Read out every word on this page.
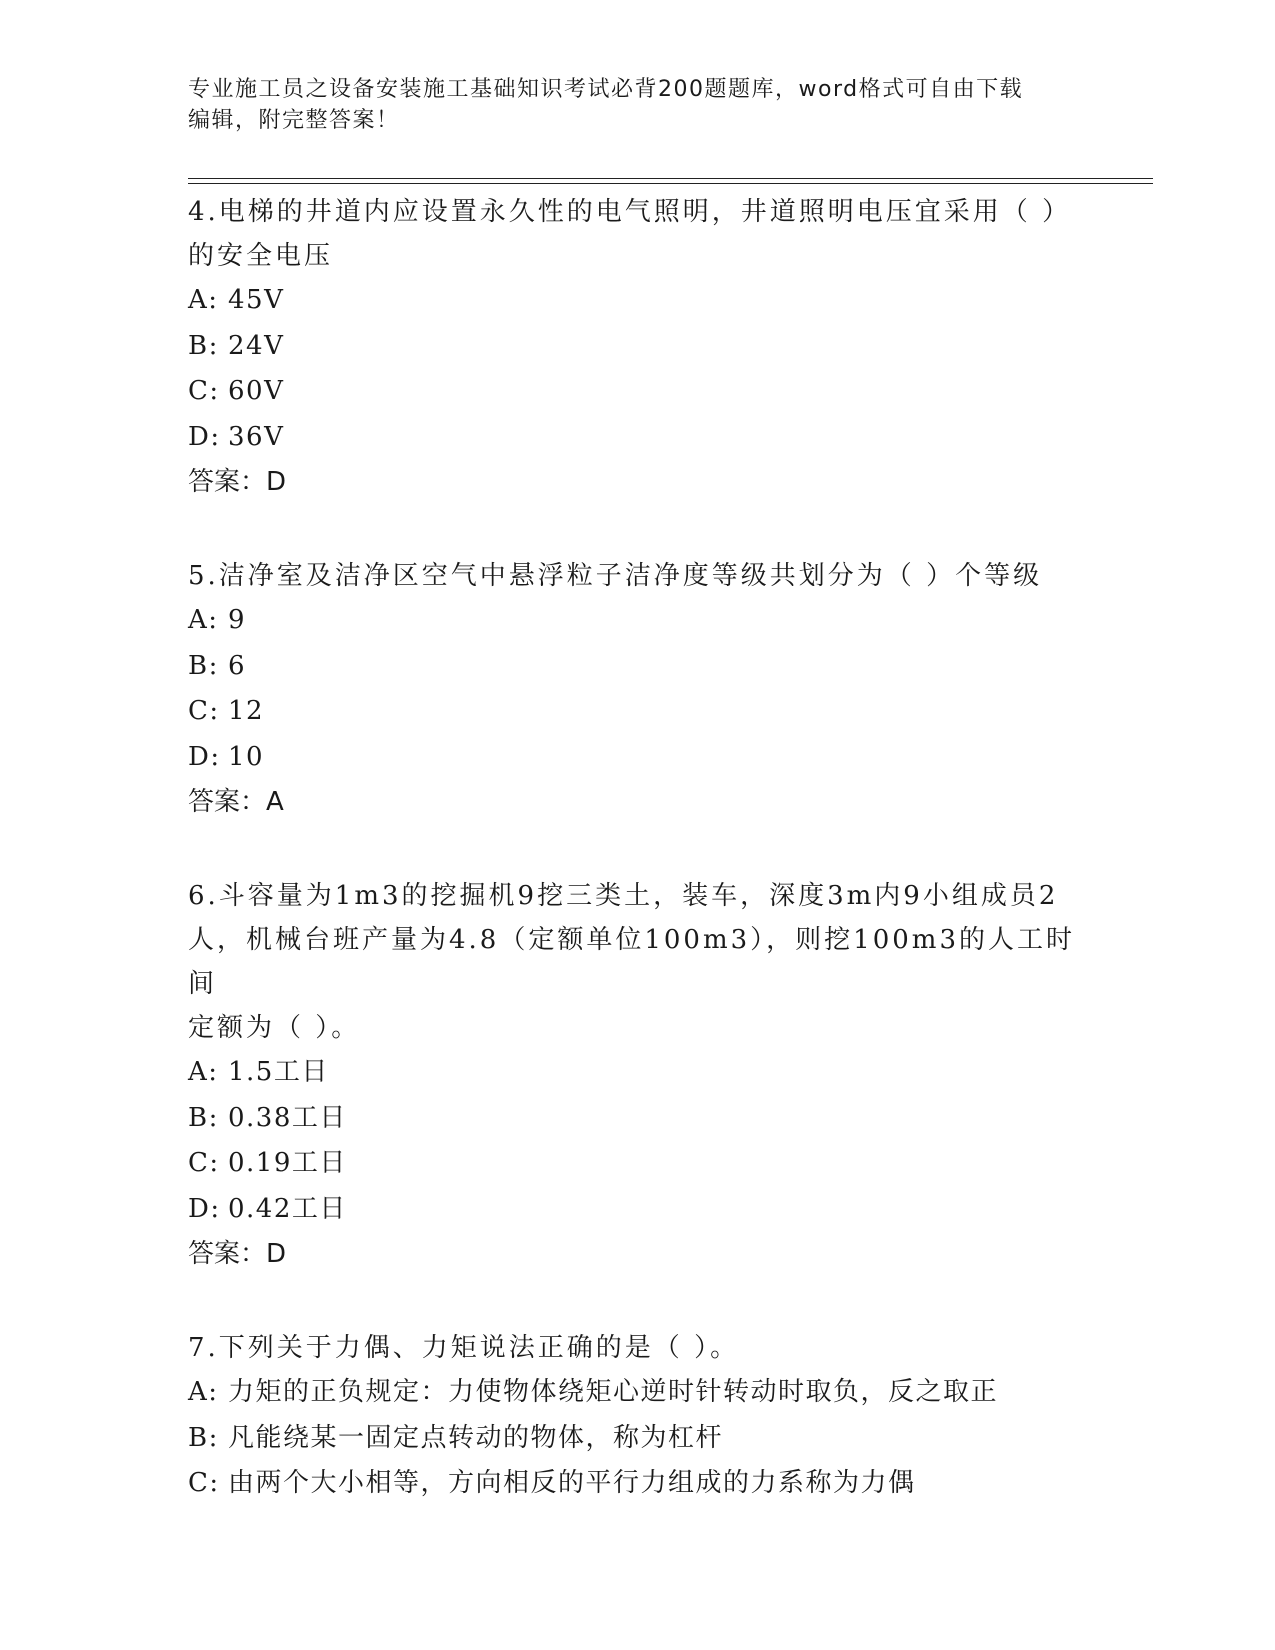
专业施工员之设备安装施工基础知识考试必背200题题库，word格式可自由下载
编辑，附完整答案！

4.电梯的井道内应设置永久性的电气照明，井道照明电压宜采用（ ）

的安全电压

A: 45V

B: 24V

C: 60V

D: 36V

答案：D

5.洁净室及洁净区空气中悬浮粒子洁净度等级共划分为（ ）个等级

A: 9

B: 6

C: 12

D: 10

答案：A

6.斗容量为1m3的挖掘机9挖三类土，装车，深度3m内9小组成员2

人，机械台班产量为4.8（定额单位100m3），则挖100m3的人工时间

定额为（ ）。

A: 1.5工日

B: 0.38工日

C: 0.19工日

D: 0.42工日

答案：D

7.下列关于力偶、力矩说法正确的是（ ）。

A: 力矩的正负规定：力使物体绕矩心逆时针转动时取负，反之取正

B: 凡能绕某一固定点转动的物体，称为杠杆

C: 由两个大小相等，方向相反的平行力组成的力系称为力偶
